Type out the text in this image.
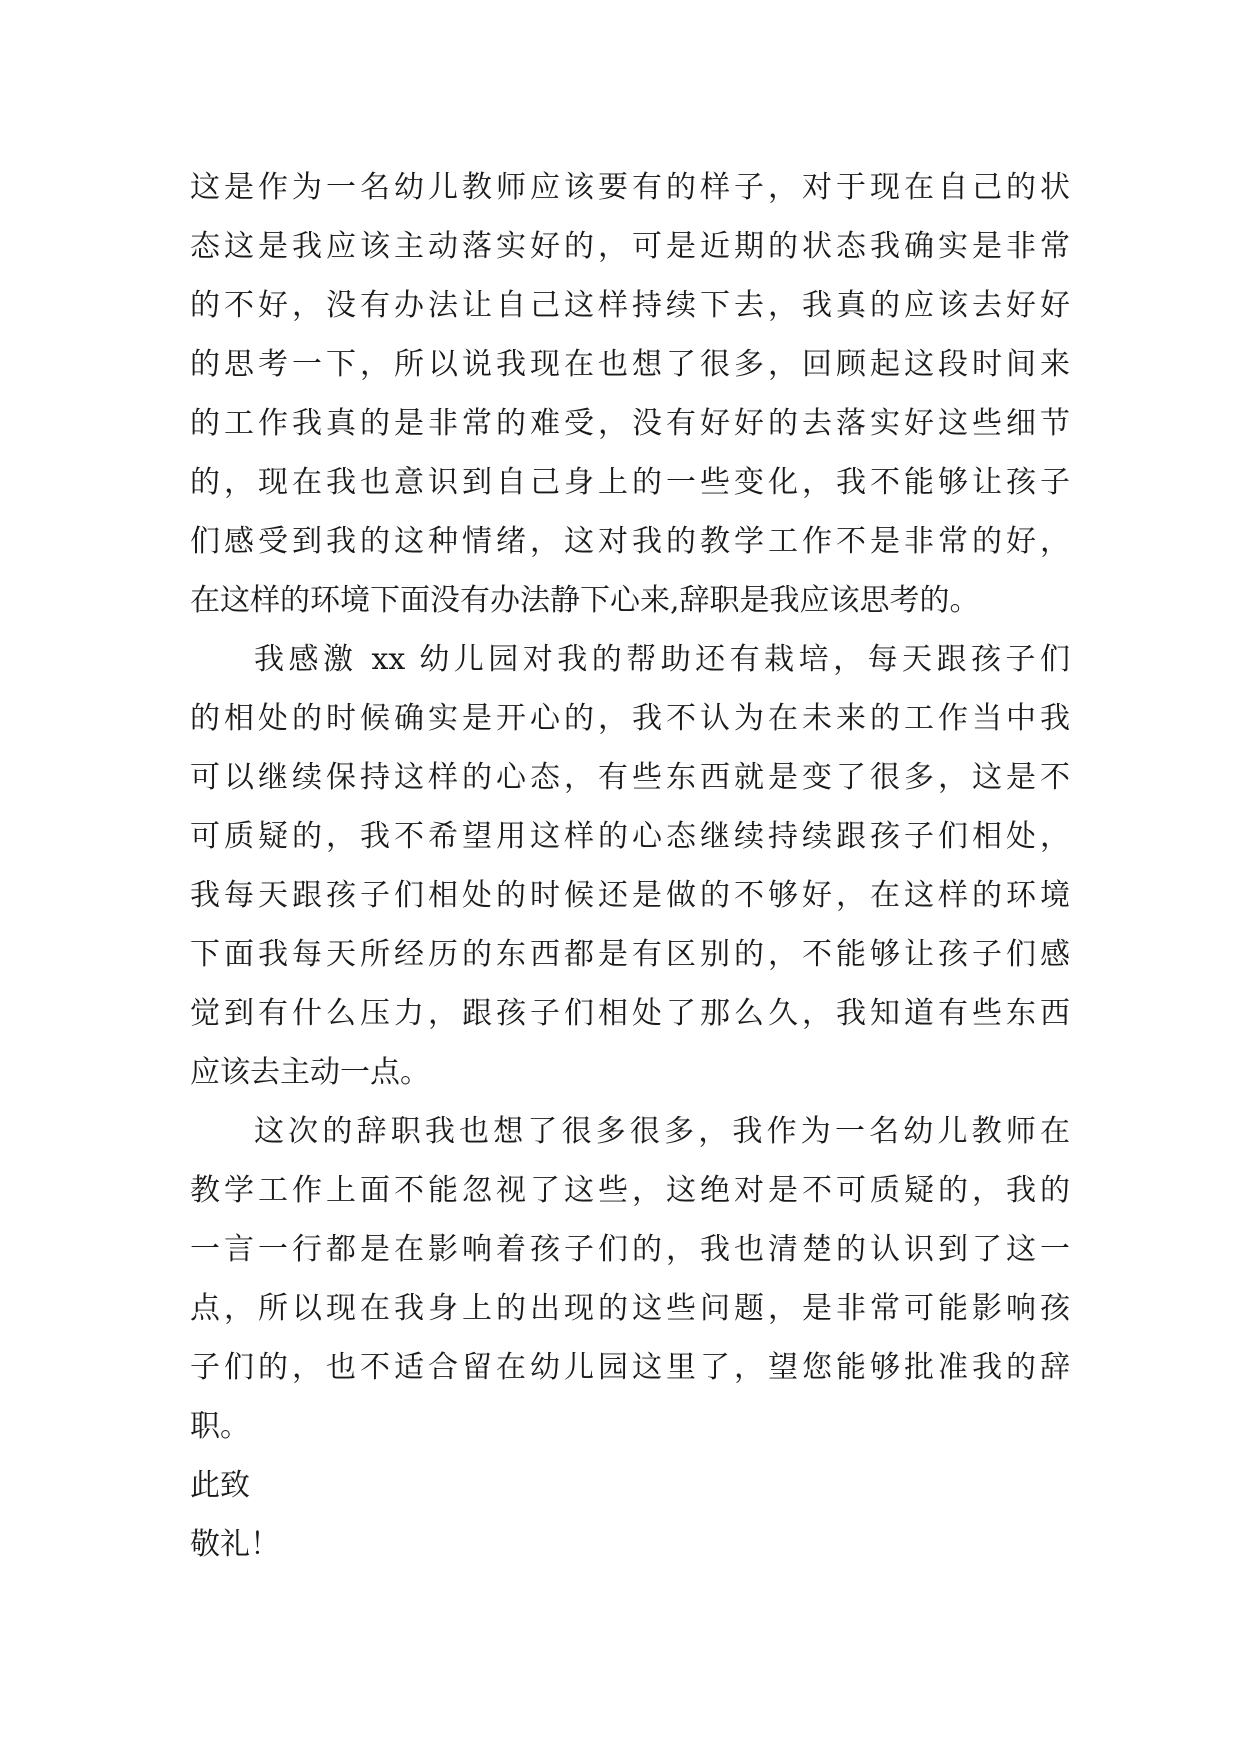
这是作为一名幼儿教师应该要有的样子，对于现在自己的状
态这是我应该主动落实好的，可是近期的状态我确实是非常
的不好，没有办法让自己这样持续下去，我真的应该去好好
的思考一下，所以说我现在也想了很多，回顾起这段时间来
的工作我真的是非常的难受，没有好好的去落实好这些细节
的，现在我也意识到自己身上的一些变化，我不能够让孩子
们感受到我的这种情绪，这对我的教学工作不是非常的好，
在这样的环境下面没有办法静下心来,辞职是我应该思考的。
我感激 xx 幼儿园对我的帮助还有栽培，每天跟孩子们
的相处的时候确实是开心的，我不认为在未来的工作当中我
可以继续保持这样的心态，有些东西就是变了很多，这是不
可质疑的，我不希望用这样的心态继续持续跟孩子们相处，
我每天跟孩子们相处的时候还是做的不够好，在这样的环境
下面我每天所经历的东西都是有区别的，不能够让孩子们感
觉到有什么压力，跟孩子们相处了那么久，我知道有些东西
应该去主动一点。
这次的辞职我也想了很多很多，我作为一名幼儿教师在
教学工作上面不能忽视了这些，这绝对是不可质疑的，我的
一言一行都是在影响着孩子们的，我也清楚的认识到了这一
点，所以现在我身上的出现的这些问题，是非常可能影响孩
子们的，也不适合留在幼儿园这里了，望您能够批准我的辞
职。
此致
敬礼！
